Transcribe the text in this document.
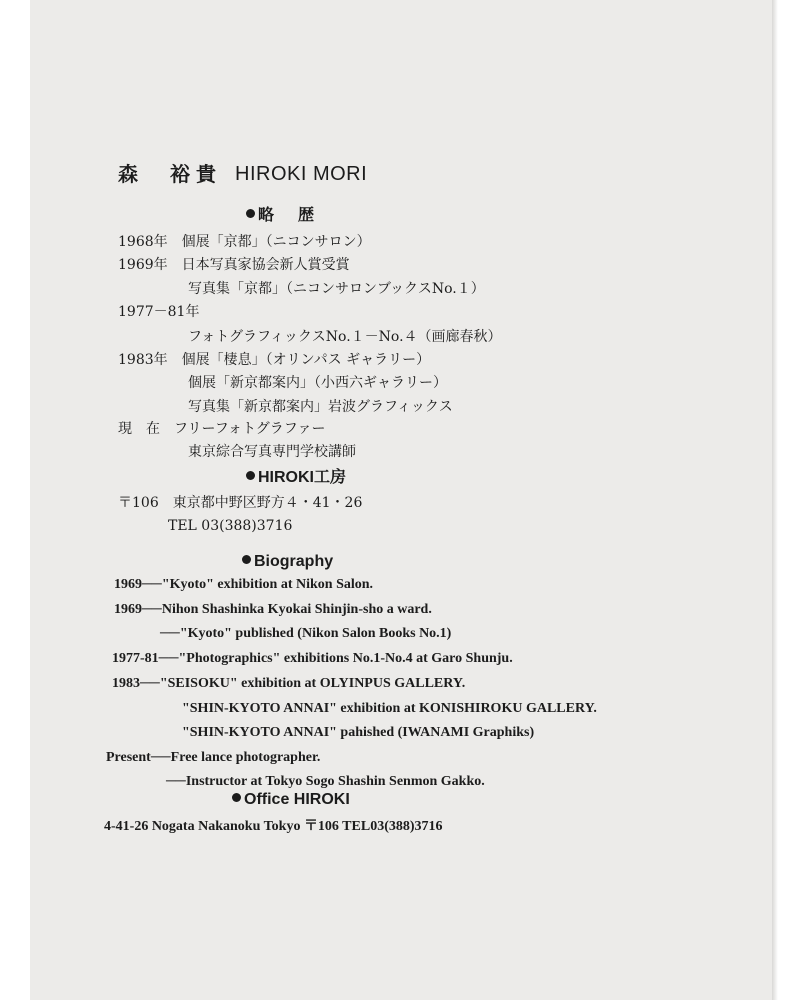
森　裕貴 HIROKI MORI
略　歴
1968年　個展「京都」（ニコンサロン）
1969年　日本写真家協会新人賞受賞
写真集「京都」（ニコンサロンブックスNo.１）
1977－81年
フォトグラフィックスNo.１－No.４（画廊春秋）
1983年　個展「棲息」（オリンパス ギャラリー）
個展「新京都案内」（小西六ギャラリー）
写真集「新京都案内」岩波グラフィックス
現　在　フリーフォトグラファー
東京綜合写真専門学校講師
HIROKI工房
〒106　東京都中野区野方４・41・26
TEL 03(388)3716
Biography
1969──"Kyoto" exhibition at Nikon Salon.
1969──Nihon Shashinka Kyokai Shinjin-sho a ward.
──"Kyoto" published (Nikon Salon Books No.1)
1977-81──"Photographics" exhibitions No.1-No.4 at Garo Shunju.
1983──"SEISOKU" exhibition at OLYINPUS GALLERY.
"SHIN-KYOTO ANNAI" exhibition at KONISHIROKU GALLERY.
"SHIN-KYOTO ANNAI" pahished (IWANAMI Graphiks)
Present──Free lance photographer.
──Instructor at Tokyo Sogo Shashin Senmon Gakko.
Office HIROKI
4-41-26 Nogata Nakanoku Tokyo 〒106 TEL03(388)3716
